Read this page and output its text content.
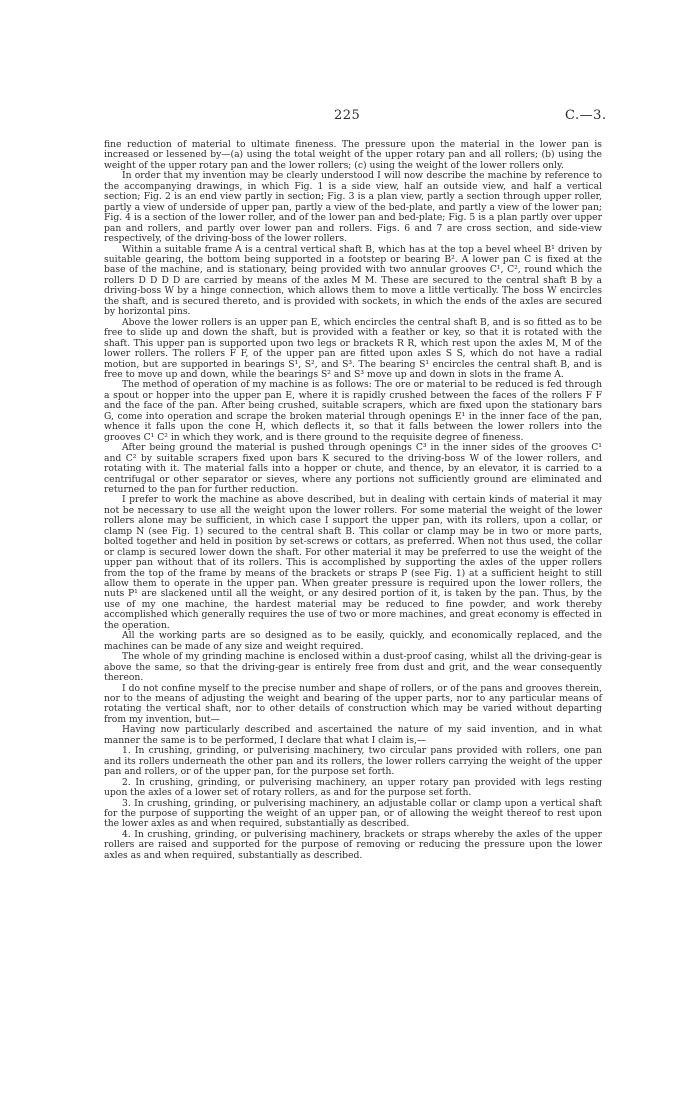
225	C.—3.

fine reduction of material to ultimate fineness. The pressure upon the material in the lower pan is increased or lessened by—(a) using the total weight of the upper rotary pan and all rollers; (b) using the weight of the upper rotary pan and the lower rollers; (c) using the weight of the lower rollers only.

In order that my invention may be clearly understood I will now describe the machine by reference to the accompanying drawings, in which Fig. 1 is a side view, half an outside view, and half a vertical section; Fig. 2 is an end view partly in section; Fig. 3 is a plan view, partly a section through upper roller, partly a view of underside of upper pan, partly a view of the bed-plate, and partly a view of the lower pan; Fig. 4 is a section of the lower roller, and of the lower pan and bed-plate; Fig. 5 is a plan partly over upper pan and rollers, and partly over lower pan and rollers. Figs. 6 and 7 are cross section, and side-view respectively, of the driving-boss of the lower rollers.

Within a suitable frame A is a central vertical shaft B, which has at the top a bevel wheel B¹ driven by suitable gearing, the bottom being supported in a footstep or bearing B². A lower pan C is fixed at the base of the machine, and is stationary, being provided with two annular grooves C¹, C², round which the rollers D D D D are carried by means of the axles M M. These are secured to the central shaft B by a driving-boss W by a hinge connection, which allows them to move a little vertically. The boss W encircles the shaft, and is secured thereto, and is provided with sockets, in which the ends of the axles are secured by horizontal pins.

Above the lower rollers is an upper pan E, which encircles the central shaft B, and is so fitted as to be free to slide up and down the shaft, but is provided with a feather or key, so that it is rotated with the shaft. This upper pan is supported upon two legs or brackets R R, which rest upon the axles M, M of the lower rollers. The rollers F F, of the upper pan are fitted upon axles S S, which do not have a radial motion, but are supported in bearings S¹, S², and S³. The bearing S¹ encircles the central shaft B, and is free to move up and down, while the bearings S² and S³ move up and down in slots in the frame A.

The method of operation of my machine is as follows: The ore or material to be reduced is fed through a spout or hopper into the upper pan E, where it is rapidly crushed between the faces of the rollers F F and the face of the pan. After being crushed, suitable scrapers, which are fixed upon the stationary bars G, come into operation and scrape the broken material through openings E¹ in the inner face of the pan, whence it falls upon the cone H, which deflects it, so that it falls between the lower rollers into the grooves C¹ C² in which they work, and is there ground to the requisite degree of fineness.

After being ground the material is pushed through openings C³ in the inner sides of the grooves C¹ and C² by suitable scrapers fixed upon bars K secured to the driving-boss W of the lower rollers, and rotating with it. The material falls into a hopper or chute, and thence, by an elevator, it is carried to a centrifugal or other separator or sieves, where any portions not sufficiently ground are eliminated and returned to the pan for further reduction.

I prefer to work the machine as above described, but in dealing with certain kinds of material it may not be necessary to use all the weight upon the lower rollers. For some material the weight of the lower rollers alone may be sufficient, in which case I support the upper pan, with its rollers, upon a collar, or clamp N (see Fig. 1) secured to the central shaft B. This collar or clamp may be in two or more parts, bolted together and held in position by set-screws or cottars, as preferred. When not thus used, the collar or clamp is secured lower down the shaft. For other material it may be preferred to use the weight of the upper pan without that of its rollers. This is accomplished by supporting the axles of the upper rollers from the top of the frame by means of the brackets or straps P (see Fig. 1) at a sufficient height to still allow them to operate in the upper pan. When greater pressure is required upon the lower rollers, the nuts P¹ are slackened until all the weight, or any desired portion of it, is taken by the pan. Thus, by the use of my one machine, the hardest material may be reduced to fine powder, and work thereby accomplished which generally requires the use of two or more machines, and great economy is effected in the operation.

All the working parts are so designed as to be easily, quickly, and economically replaced, and the machines can be made of any size and weight required.

The whole of my grinding machine is enclosed within a dust-proof casing, whilst all the driving-gear is above the same, so that the driving-gear is entirely free from dust and grit, and the wear consequently thereon.

I do not confine myself to the precise number and shape of rollers, or of the pans and grooves therein, nor to the means of adjusting the weight and bearing of the upper parts, nor to any particular means of rotating the vertical shaft, nor to other details of construction which may be varied without departing from my invention, but—

Having now particularly described and ascertained the nature of my said invention, and in what manner the same is to be performed, I declare that what I claim is,—

1. In crushing, grinding, or pulverising machinery, two circular pans provided with rollers, one pan and its rollers underneath the other pan and its rollers, the lower rollers carrying the weight of the upper pan and rollers, or of the upper pan, for the purpose set forth.

2. In crushing, grinding, or pulverising machinery, an upper rotary pan provided with legs resting upon the axles of a lower set of rotary rollers, as and for the purpose set forth.

3. In crushing, grinding, or pulverising machinery, an adjustable collar or clamp upon a vertical shaft for the purpose of supporting the weight of an upper pan, or of allowing the weight thereof to rest upon the lower axles as and when required, substantially as described.

4. In crushing, grinding, or pulverising machinery, brackets or straps whereby the axles of the upper rollers are raised and supported for the purpose of removing or reducing the pressure upon the lower axles as and when required, substantially as described.
